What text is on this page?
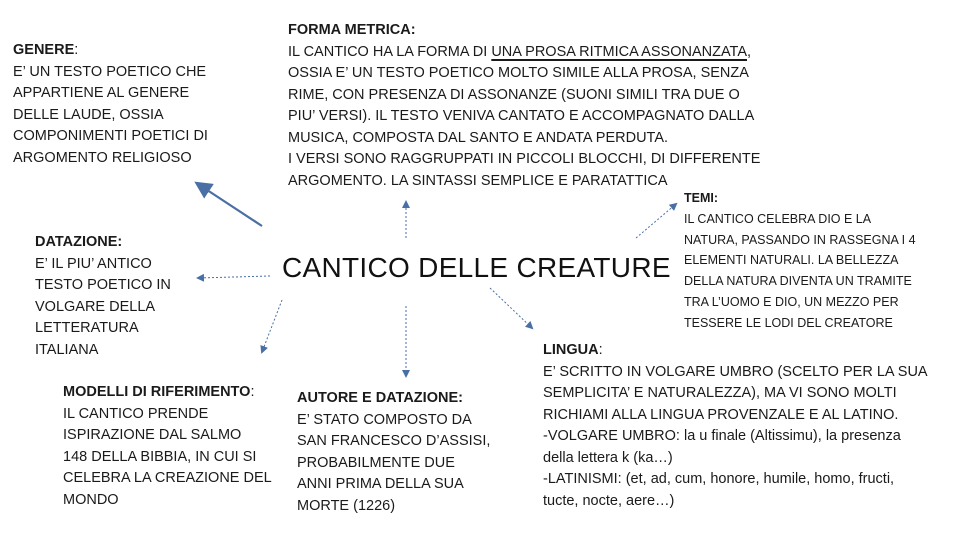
CANTICO DELLE CREATURE
GENERE:
E’ UN TESTO POETICO CHE
APPARTIENE AL GENERE
DELLE LAUDE, OSSIA
COMPONIMENTI POETICI DI
ARGOMENTO RELIGIOSO
FORMA METRICA:
IL CANTICO HA LA FORMA DI UNA PROSA RITMICA ASSONANZATA,
OSSIA E’ UN TESTO POETICO MOLTO SIMILE ALLA PROSA, SENZA
RIME, CON PRESENZA DI ASSONANZE (SUONI SIMILI TRA DUE O
PIU’ VERSI). IL TESTO VENIVA CANTATO E ACCOMPAGNATO DALLA
MUSICA, COMPOSTA DAL SANTO E ANDATA PERDUTA.
I VERSI SONO RAGGRUPPATI IN PICCOLI BLOCCHI, DI DIFFERENTE
ARGOMENTO. LA SINTASSI SEMPLICE E PARATATTICA
TEMI:
IL CANTICO CELEBRA DIO E LA
NATURA, PASSANDO IN RASSEGNA I 4
ELEMENTI NATURALI. LA BELLEZZA
DELLA NATURA DIVENTA UN TRAMITE
TRA L’UOMO E DIO, UN MEZZO PER
TESSERE LE LODI DEL CREATORE
DATAZIONE:
E’ IL PIU’ ANTICO
TESTO POETICO IN
VOLGARE DELLA
LETTERATURA
ITALIANA
MODELLI DI RIFERIMENTO:
IL CANTICO PRENDE
ISPIRAZIONE DAL SALMO
148 DELLA BIBBIA, IN CUI SI
CELEBRA LA CREAZIONE DEL
MONDO
AUTORE E DATAZIONE:
E’ STATO COMPOSTO DA
SAN FRANCESCO D’ASSISI,
PROBABILMENTE DUE
ANNI PRIMA DELLA SUA
MORTE (1226)
LINGUA:
E’ SCRITTO IN VOLGARE UMBRO (SCELTO PER LA SUA
SEMPLICITA’ E NATURALEZZA), MA VI SONO MOLTI
RICHIAMI ALLA LINGUA PROVENZALE E AL LATINO.
-VOLGARE UMBRO: la u finale (Altissimu), la presenza
della lettera k (ka…)
-LATINISMI: (et, ad, cum, honore, humile, homo, fructi,
tucte, nocte, aere…)
